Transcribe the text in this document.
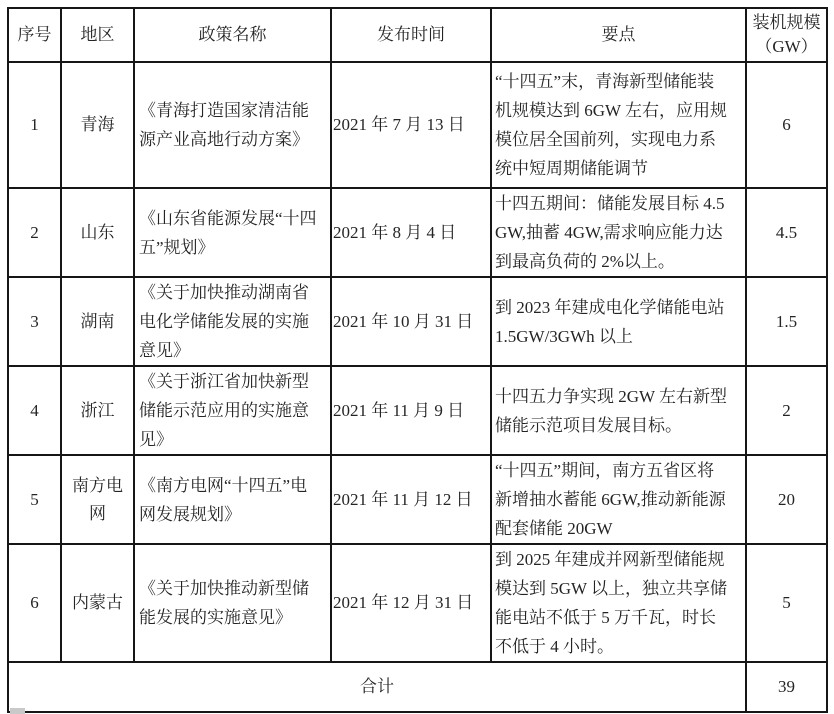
序号	地区	政策名称	发布时间	要点	装机规模
（GW）

1	青海	《青海打造国家清洁能源产业高地行动方案》	2021 年 7 月 13 日	“十四五”末，青海新型储能装机规模达到 6GW 左右，应用规模位居全国前列，实现电力系统中短周期储能调节	6
2	山东	《山东省能源发展“十四五”规划》	2021 年 8 月 4 日	十四五期间：储能发展目标 4.5GW,抽蓄 4GW,需求响应能力达到最高负荷的 2%以上。	4.5
3	湖南	《关于加快推动湖南省电化学储能发展的实施意见》	2021 年 10 月 31 日	到 2023 年建成电化学储能电站 1.5GW/3GWh 以上	1.5
4	浙江	《关于浙江省加快新型储能示范应用的实施意见》	2021 年 11 月 9 日	十四五力争实现 2GW 左右新型储能示范项目发展目标。	2
5	南方电网	《南方电网“十四五”电网发展规划》	2021 年 11 月 12 日	“十四五”期间，南方五省区将新增抽水蓄能 6GW,推动新能源配套储能 20GW	20
6	内蒙古	《关于加快推动新型储能发展的实施意见》	2021 年 12 月 31 日	到 2025 年建成并网新型储能规模达到 5GW 以上，独立共享储能电站不低于 5 万千瓦，时长不低于 4 小时。	5
合计					39
